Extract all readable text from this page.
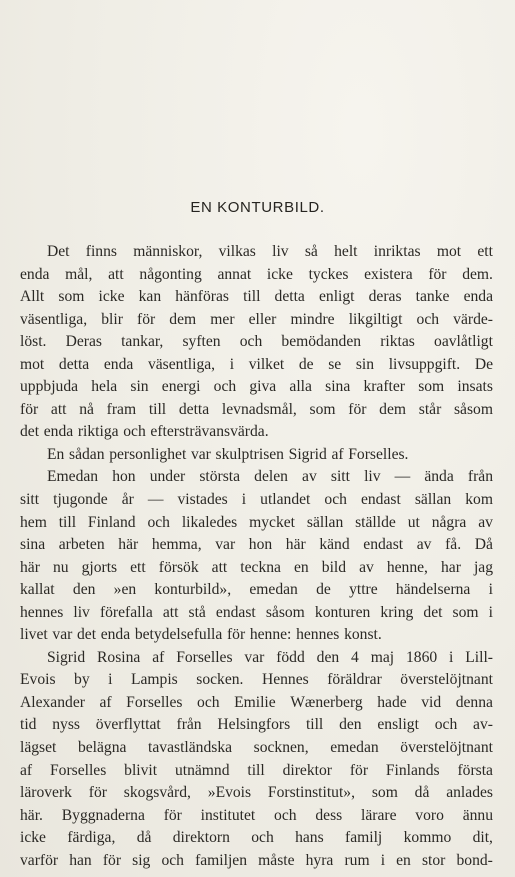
EN KONTURBILD.
Det finns människor, vilkas liv så helt inriktas mot ett
enda mål, att någonting annat icke tyckes existera för dem.
Allt som icke kan hänföras till detta enligt deras tanke enda
väsentliga, blir för dem mer eller mindre likgiltigt och värde-
löst. Deras tankar, syften och bemödanden riktas oavlåtligt
mot detta enda väsentliga, i vilket de se sin livsuppgift. De
uppbjuda hela sin energi och giva alla sina krafter som insats
för att nå fram till detta levnadsmål, som för dem står såsom
det enda riktiga och eftersträvansvärda.
En sådan personlighet var skulptrisen Sigrid af Forselles.
Emedan hon under största delen av sitt liv — ända från
sitt tjugonde år — vistades i utlandet och endast sällan kom
hem till Finland och likaledes mycket sällan ställde ut några av
sina arbeten här hemma, var hon här känd endast av få. Då
här nu gjorts ett försök att teckna en bild av henne, har jag
kallat den »en konturbild», emedan de yttre händelserna i
hennes liv förefalla att stå endast såsom konturen kring det som i
livet var det enda betydelsefulla för henne: hennes konst.
Sigrid Rosina af Forselles var född den 4 maj 1860 i Lill-
Evois by i Lampis socken. Hennes föräldrar överstelöjtnant
Alexander af Forselles och Emilie Wænerberg hade vid denna
tid nyss överflyttat från Helsingfors till den ensligt och av-
lägset belägna tavastländska socknen, emedan överstelöjtnant
af Forselles blivit utnämnd till direktor för Finlands första
läroverk för skogsvård, »Evois Forstinstitut», som då anlades
här. Byggnaderna för institutet och dess lärare voro ännu
icke färdiga, då direktorn och hans familj kommo dit,
varför han för sig och familjen måste hyra rum i en stor bond-
